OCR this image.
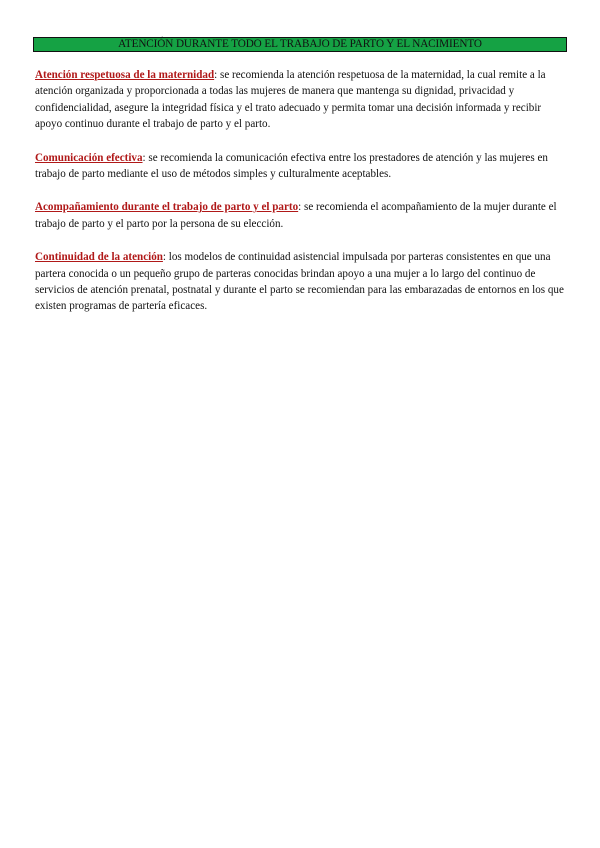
ATENCIÓN DURANTE TODO EL TRABAJO DE PARTO Y EL NACIMIENTO

Atención respetuosa de la maternidad: se recomienda la atención respetuosa de la maternidad, la cual remite a la atención organizada y proporcionada a todas las mujeres de manera que mantenga su dignidad, privacidad y confidencialidad, asegure la integridad física y el trato adecuado y permita tomar una decisión informada y recibir apoyo continuo durante el trabajo de parto y el parto.

Comunicación efectiva: se recomienda la comunicación efectiva entre los prestadores de atención y las mujeres en trabajo de parto mediante el uso de métodos simples y culturalmente aceptables.

Acompañamiento durante el trabajo de parto y el parto: se recomienda el acompañamiento de la mujer durante el trabajo de parto y el parto por la persona de su elección.

Continuidad de la atención: los modelos de continuidad asistencial impulsada por parteras consistentes en que una partera conocida o un pequeño grupo de parteras conocidas brindan apoyo a una mujer a lo largo del continuo de servicios de atención prenatal, postnatal y durante el parto se recomiendan para las embarazadas de entornos en los que existen programas de partería eficaces.
